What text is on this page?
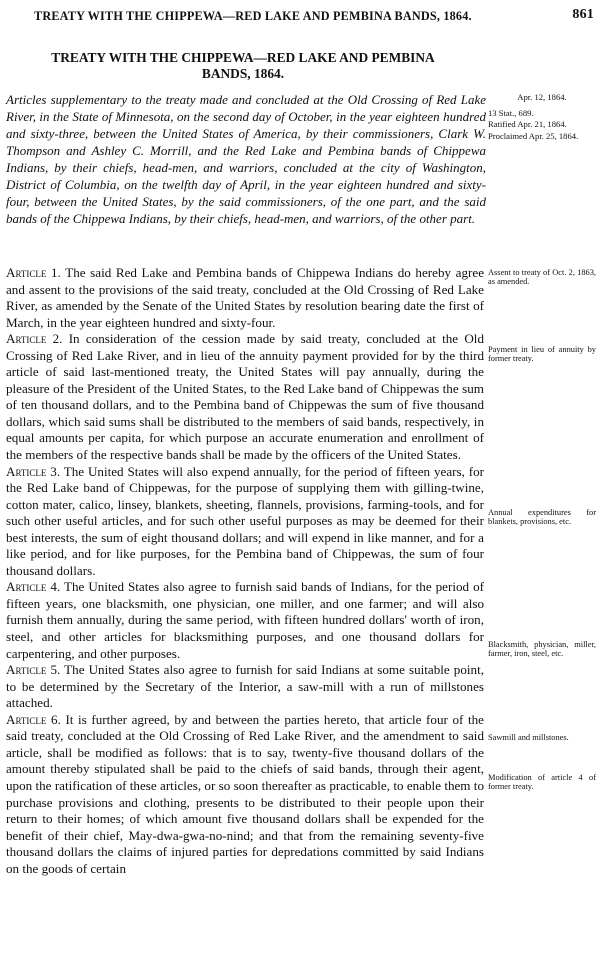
TREATY WITH THE CHIPPEWA—RED LAKE AND PEMBINA BANDS, 1864.	861
TREATY WITH THE CHIPPEWA—RED LAKE AND PEMBINA
BANDS, 1864.
Articles supplementary to the treaty made and concluded at the Old Crossing of Red Lake River, in the State of Minnesota, on the second day of October, in the year eighteen hundred and sixty-three, between the United States of America, by their commissioners, Clark W. Thompson and Ashley C. Morrill, and the Red Lake and Pembina bands of Chippewa Indians, by their chiefs, head-men, and warriors, concluded at the city of Washington, District of Columbia, on the twelfth day of April, in the year eighteen hundred and sixty-four, between the United States, by the said commissioners, of the one part, and the said bands of the Chippewa Indians, by their chiefs, head-men, and warriors, of the other part.
Apr. 12, 1864.
13 Stat., 689.
Ratified Apr. 21, 1864.
Proclaimed Apr. 25, 1864.
Assent to treaty of Oct. 2, 1863, as amended.
Payment in lieu of annuity by former treaty.
Annual expenditures for blankets, provisions, etc.
Blacksmith, physician, miller, farmer, iron, steel, etc.
Sawmill and millstones.
Modification of article 4 of former treaty.

Article 1. The said Red Lake and Pembina bands of Chippewa Indians do hereby agree and assent to the provisions of the said treaty, concluded at the Old Crossing of Red Lake River, as amended by the Senate of the United States by resolution bearing date the first of March, in the year eighteen hundred and sixty-four.

Article 2. In consideration of the cession made by said treaty, concluded at the Old Crossing of Red Lake River, and in lieu of the annuity payment provided for by the third article of said last-mentioned treaty, the United States will pay annually, during the pleasure of the President of the United States, to the Red Lake band of Chippewas the sum of ten thousand dollars, and to the Pembina band of Chippewas the sum of five thousand dollars, which said sums shall be distributed to the members of said bands, respectively, in equal amounts per capita, for which purpose an accurate enumeration and enrollment of the members of the respective bands shall be made by the officers of the United States.

Article 3. The United States will also expend annually, for the period of fifteen years, for the Red Lake band of Chippewas, for the purpose of supplying them with gilling-twine, cotton mater, calico, linsey, blankets, sheeting, flannels, provisions, farming-tools, and for such other useful articles, and for such other useful purposes as may be deemed for their best interests, the sum of eight thousand dollars; and will expend in like manner, and for a like period, and for like purposes, for the Pembina band of Chippewas, the sum of four thousand dollars.

Article 4. The United States also agree to furnish said bands of Indians, for the period of fifteen years, one blacksmith, one physician, one miller, and one farmer; and will also furnish them annually, during the same period, with fifteen hundred dollars' worth of iron, steel, and other articles for blacksmithing purposes, and one thousand dollars for carpentering, and other purposes.

Article 5. The United States also agree to furnish for said Indians at some suitable point, to be determined by the Secretary of the Interior, a saw-mill with a run of millstones attached.

Article 6. It is further agreed, by and between the parties hereto, that article four of the said treaty, concluded at the Old Crossing of Red Lake River, and the amendment to said article, shall be modified as follows: that is to say, twenty-five thousand dollars of the amount thereby stipulated shall be paid to the chiefs of said bands, through their agent, upon the ratification of these articles, or so soon thereafter as practicable, to enable them to purchase provisions and clothing, presents to be distributed to their people upon their return to their homes; of which amount five thousand dollars shall be expended for the benefit of their chief, May-dwa-gwa-no-nind; and that from the remaining seventy-five thousand dollars the claims of injured parties for depredations committed by said Indians on the goods of certain
